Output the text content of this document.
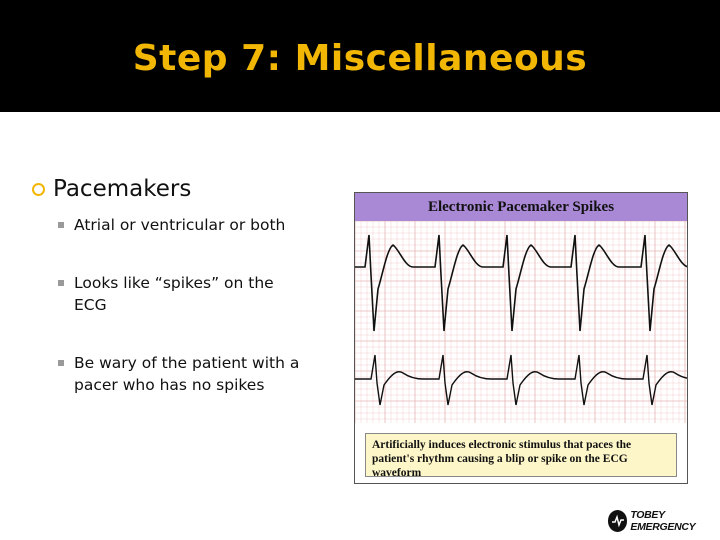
Step 7: Miscellaneous
Pacemakers
Atrial or ventricular or both
Looks like “spikes” on the ECG
Be wary of the patient with a pacer who has no spikes
Electronic Pacemaker Spikes
Artificially induces electronic stimulus that paces the patient's rhythm causing a blip or spike on the ECG waveform
TOBEY EMERGENCY
